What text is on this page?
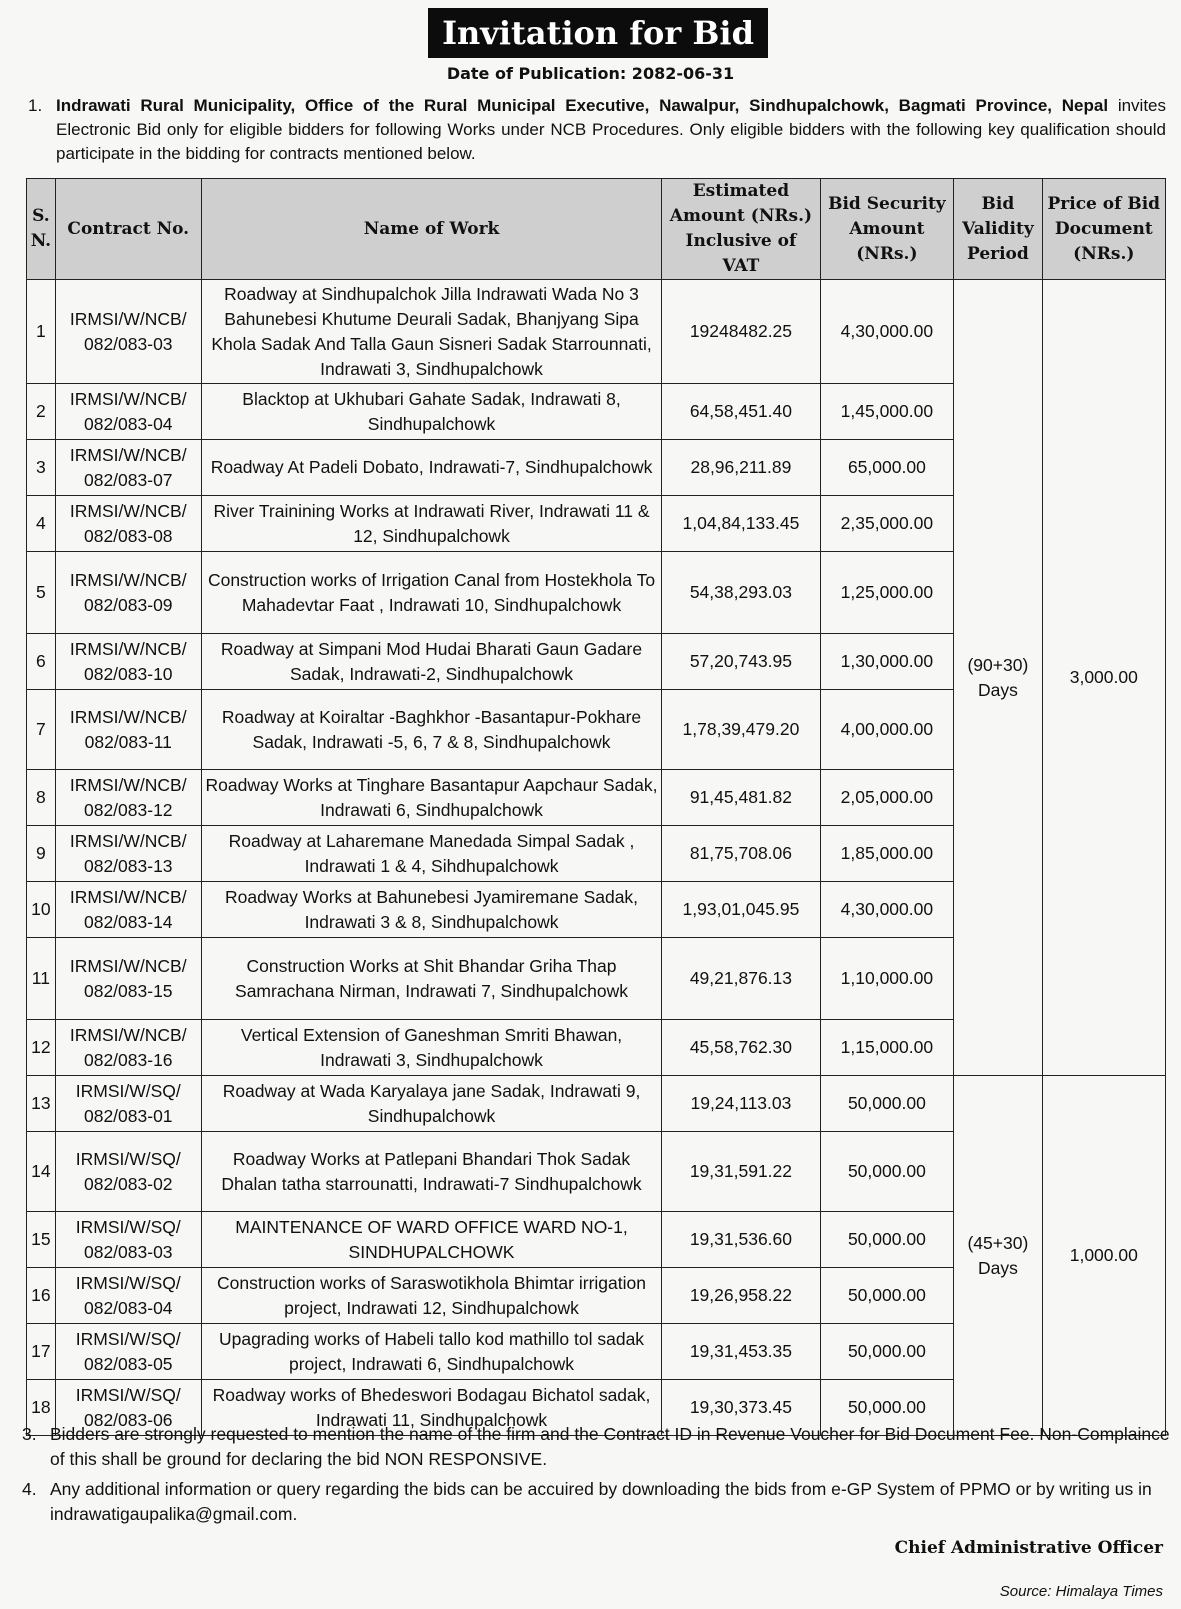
Invitation for Bid
Date of Publication: 2082-06-31
1. Indrawati Rural Municipality, Office of the Rural Municipal Executive, Nawalpur, Sindhupalchowk, Bagmati Province, Nepal invites Electronic Bid only for eligible bidders for following Works under NCB Procedures. Only eligible bidders with the following key qualification should participate in the bidding for contracts mentioned below.
S. N.	Contract No.	Name of Work	Estimated Amount (NRs.) Inclusive of VAT	Bid Security Amount (NRs.)	Bid Validity Period	Price of Bid Document (NRs.)
1	IRMSI/W/NCB/ 082/083-03	Roadway at Sindhupalchok Jilla Indrawati Wada No 3 Bahunebesi Khutume Deurali Sadak, Bhanjyang Sipa Khola Sadak And Talla Gaun Sisneri Sadak Starrounnati, Indrawati 3, Sindhupalchowk	19248482.25	4,30,000.00	(90+30) Days	3,000.00
2	IRMSI/W/NCB/ 082/083-04	Blacktop at Ukhubari Gahate Sadak, Indrawati 8, Sindhupalchowk	64,58,451.40	1,45,000.00		
3	IRMSI/W/NCB/ 082/083-07	Roadway At Padeli Dobato, Indrawati-7, Sindhupalchowk	28,96,211.89	65,000.00		
4	IRMSI/W/NCB/ 082/083-08	River Trainining Works at Indrawati River, Indrawati 11 & 12, Sindhupalchowk	1,04,84,133.45	2,35,000.00		
5	IRMSI/W/NCB/ 082/083-09	Construction works of Irrigation Canal from Hostekhola To Mahadevtar Faat , Indrawati 10, Sindhupalchowk	54,38,293.03	1,25,000.00		
6	IRMSI/W/NCB/ 082/083-10	Roadway at Simpani Mod Hudai Bharati Gaun Gadare Sadak, Indrawati-2, Sindhupalchowk	57,20,743.95	1,30,000.00		
7	IRMSI/W/NCB/ 082/083-11	Roadway at Koiraltar -Baghkhor -Basantapur-Pokhare Sadak, Indrawati -5, 6, 7 & 8, Sindhupalchowk	1,78,39,479.20	4,00,000.00		
8	IRMSI/W/NCB/ 082/083-12	Roadway Works at Tinghare Basantapur Aapchaur Sadak, Indrawati 6, Sindhupalchowk	91,45,481.82	2,05,000.00		
9	IRMSI/W/NCB/ 082/083-13	Roadway at Laharemane Manedada Simpal Sadak , Indrawati 1 & 4, Sihdhupalchowk	81,75,708.06	1,85,000.00		
10	IRMSI/W/NCB/ 082/083-14	Roadway Works at Bahunebesi Jyamiremane Sadak, Indrawati 3 & 8, Sindhupalchowk	1,93,01,045.95	4,30,000.00		
11	IRMSI/W/NCB/ 082/083-15	Construction Works at Shit Bhandar Griha Thap Samrachana Nirman, Indrawati 7, Sindhupalchowk	49,21,876.13	1,10,000.00		
12	IRMSI/W/NCB/ 082/083-16	Vertical Extension of Ganeshman Smriti Bhawan, Indrawati 3, Sindhupalchowk	45,58,762.30	1,15,000.00		
13	IRMSI/W/SQ/ 082/083-01	Roadway at Wada Karyalaya jane Sadak, Indrawati 9, Sindhupalchowk	19,24,113.03	50,000.00	(45+30) Days	1,000.00
14	IRMSI/W/SQ/ 082/083-02	Roadway Works at Patlepani Bhandari Thok Sadak Dhalan tatha starrounatti, Indrawati-7 Sindhupalchowk	19,31,591.22	50,000.00		
15	IRMSI/W/SQ/ 082/083-03	MAINTENANCE OF WARD OFFICE WARD NO-1, SINDHUPALCHOWK	19,31,536.60	50,000.00		
16	IRMSI/W/SQ/ 082/083-04	Construction works of Saraswotikhola Bhimtar irrigation project, Indrawati 12, Sindhupalchowk	19,26,958.22	50,000.00		
17	IRMSI/W/SQ/ 082/083-05	Upagrading works of Habeli tallo kod mathillo tol sadak project, Indrawati 6, Sindhupalchowk	19,31,453.35	50,000.00		
18	IRMSI/W/SQ/ 082/083-06	Roadway works of Bhedeswori Bodagau Bichatol sadak, Indrawati 11, Sindhupalchowk	19,30,373.45	50,000.00		
3. Bidders are strongly requested to mention the name of the firm and the Contract ID in Revenue Voucher for Bid Document Fee. Non-Complaince of this shall be ground for declaring the bid NON RESPONSIVE.
4. Any additional information or query regarding the bids can be accuired by downloading the bids from e-GP System of PPMO or by writing us in indrawatigaupalika@gmail.com.
Chief Administrative Officer
Source: Himalaya Times
